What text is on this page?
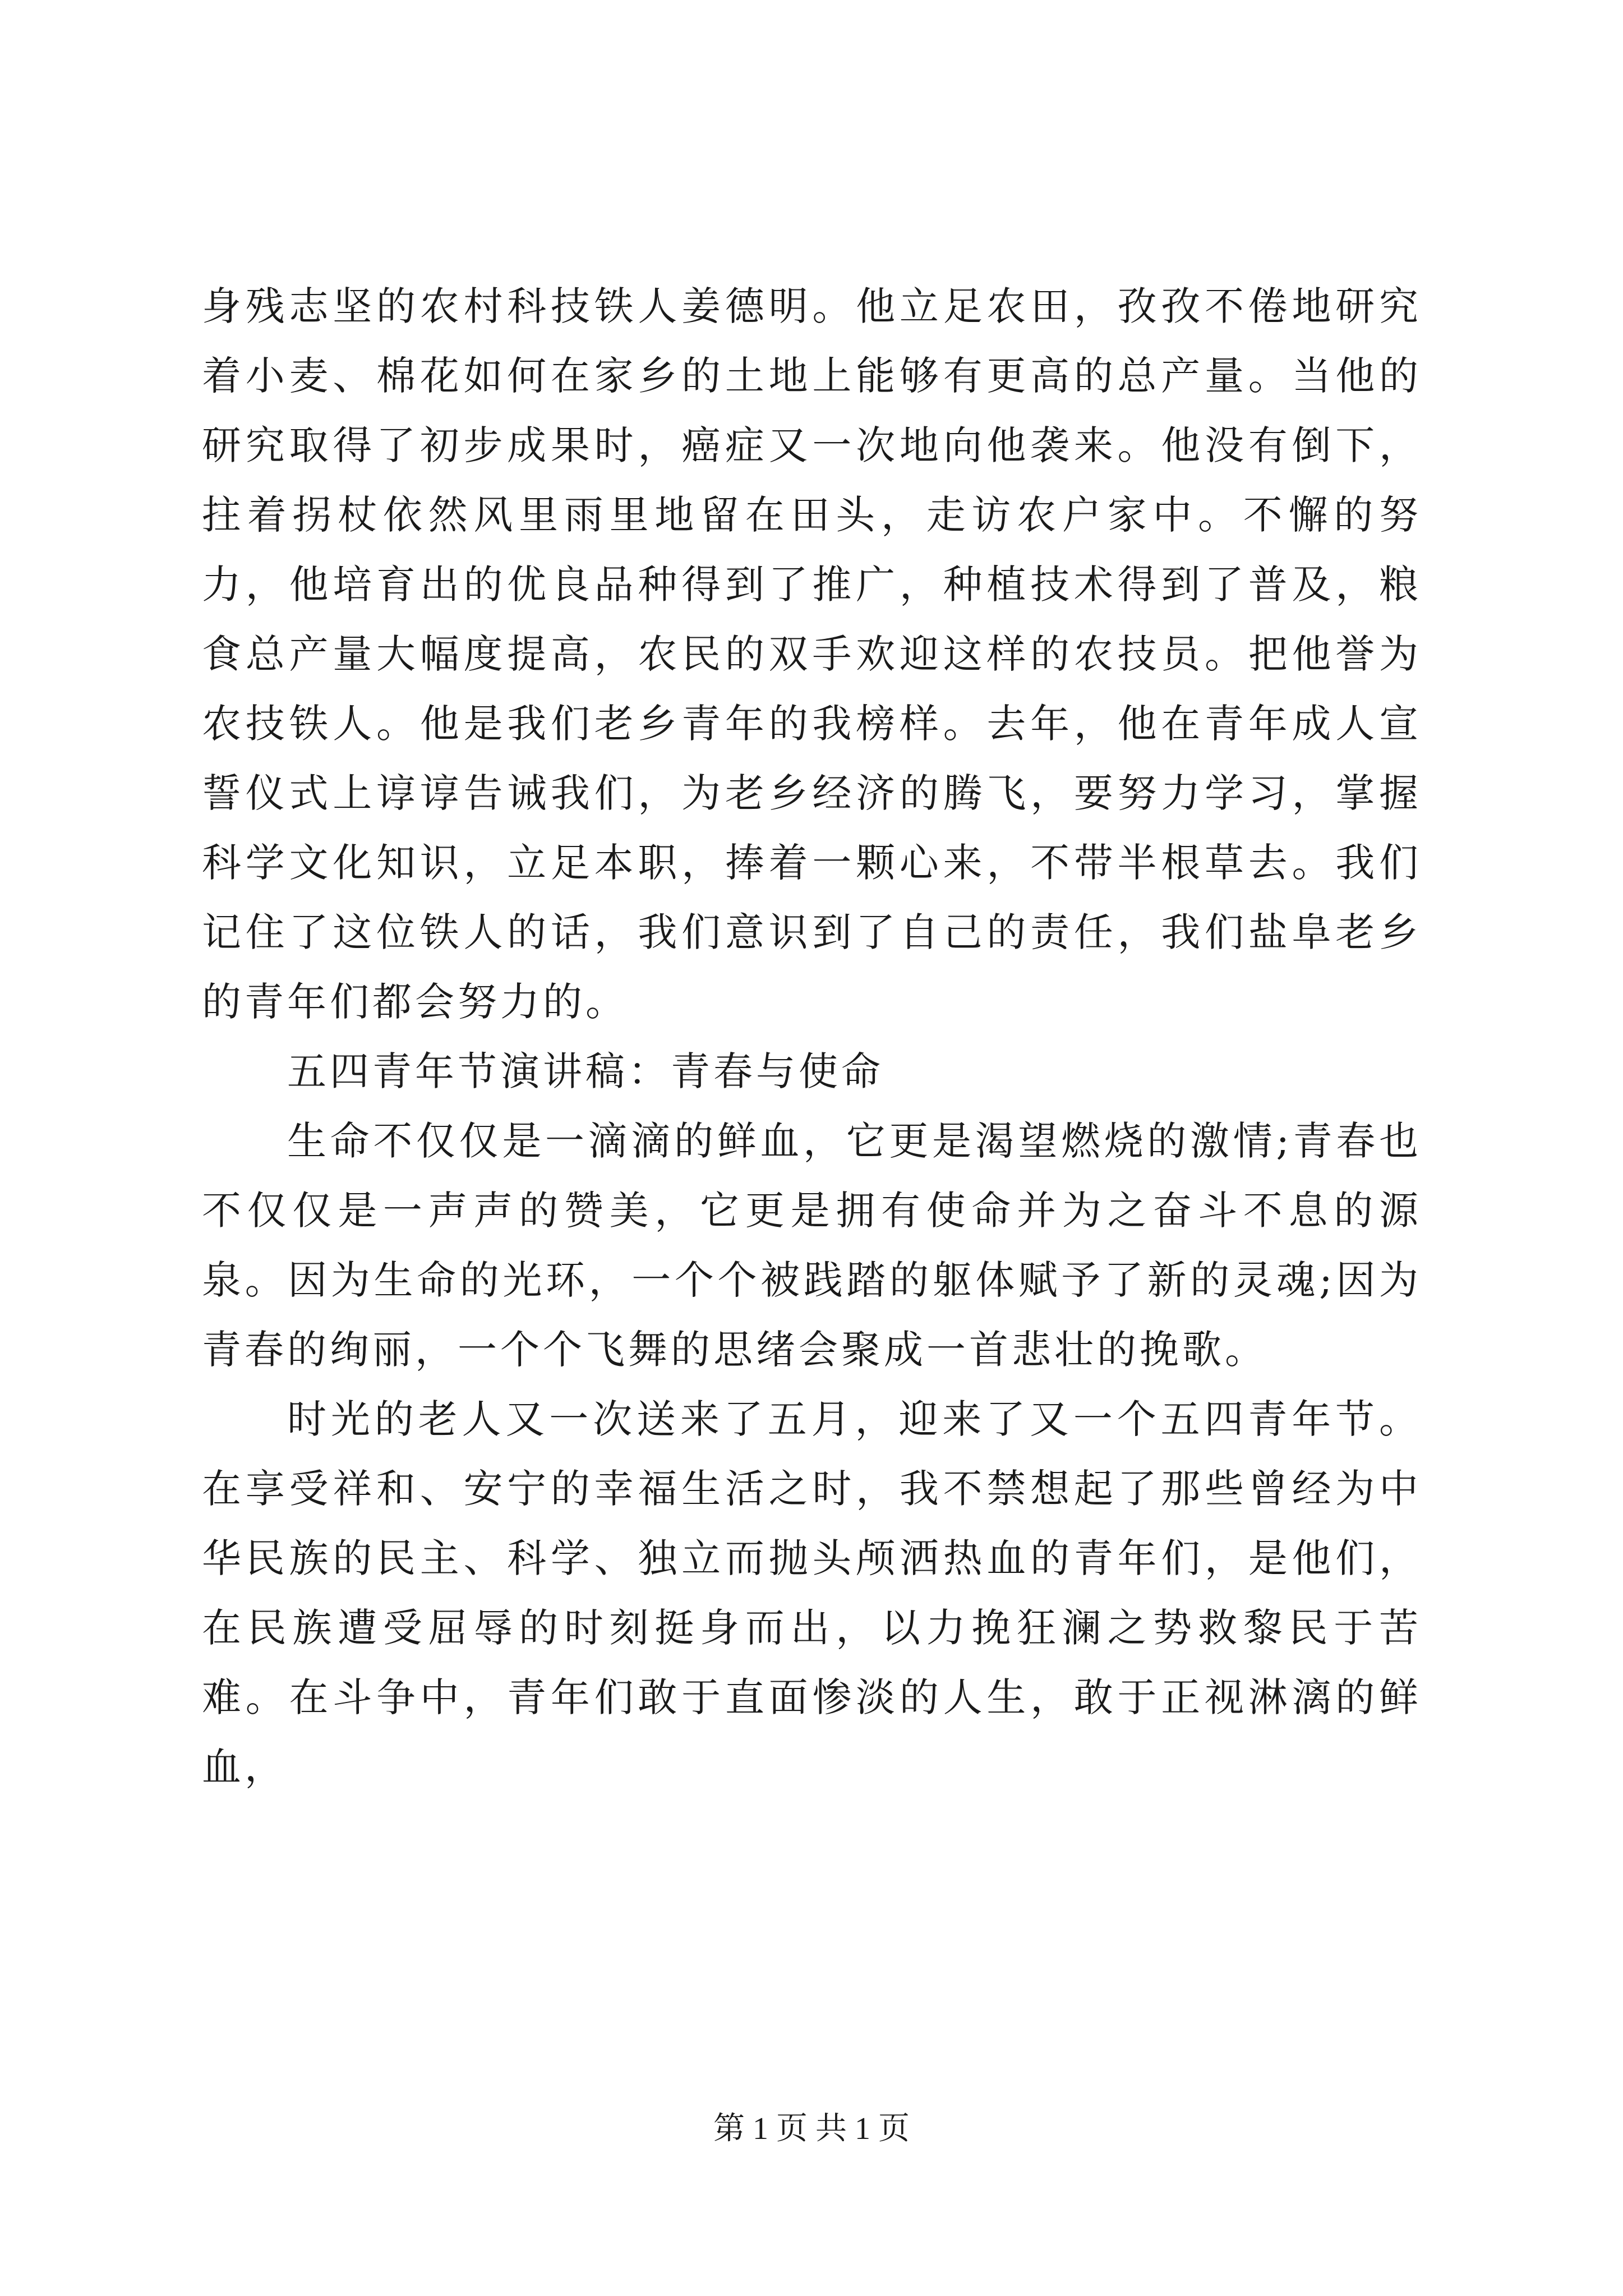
身残志坚的农村科技铁人姜德明。他立足农田，孜孜不倦地研究着小麦、棉花如何在家乡的土地上能够有更高的总产量。当他的研究取得了初步成果时，癌症又一次地向他袭来。他没有倒下，拄着拐杖依然风里雨里地留在田头，走访农户家中。不懈的努力，他培育出的优良品种得到了推广，种植技术得到了普及，粮食总产量大幅度提高，农民的双手欢迎这样的农技员。把他誉为农技铁人。他是我们老乡青年的我榜样。去年，他在青年成人宣誓仪式上谆谆告诫我们，为老乡经济的腾飞，要努力学习，掌握科学文化知识，立足本职，捧着一颗心来，不带半根草去。我们记住了这位铁人的话，我们意识到了自己的责任，我们盐阜老乡的青年们都会努力的。

五四青年节演讲稿：青春与使命

生命不仅仅是一滴滴的鲜血，它更是渴望燃烧的激情;青春也不仅仅是一声声的赞美，它更是拥有使命并为之奋斗不息的源泉。因为生命的光环，一个个被践踏的躯体赋予了新的灵魂;因为青春的绚丽，一个个飞舞的思绪会聚成一首悲壮的挽歌。

时光的老人又一次送来了五月，迎来了又一个五四青年节。在享受祥和、安宁的幸福生活之时，我不禁想起了那些曾经为中华民族的民主、科学、独立而抛头颅洒热血的青年们，是他们，在民族遭受屈辱的时刻挺身而出，以力挽狂澜之势救黎民于苦难。在斗争中，青年们敢于直面惨淡的人生，敢于正视淋漓的鲜血，

第 1 页 共 1 页
